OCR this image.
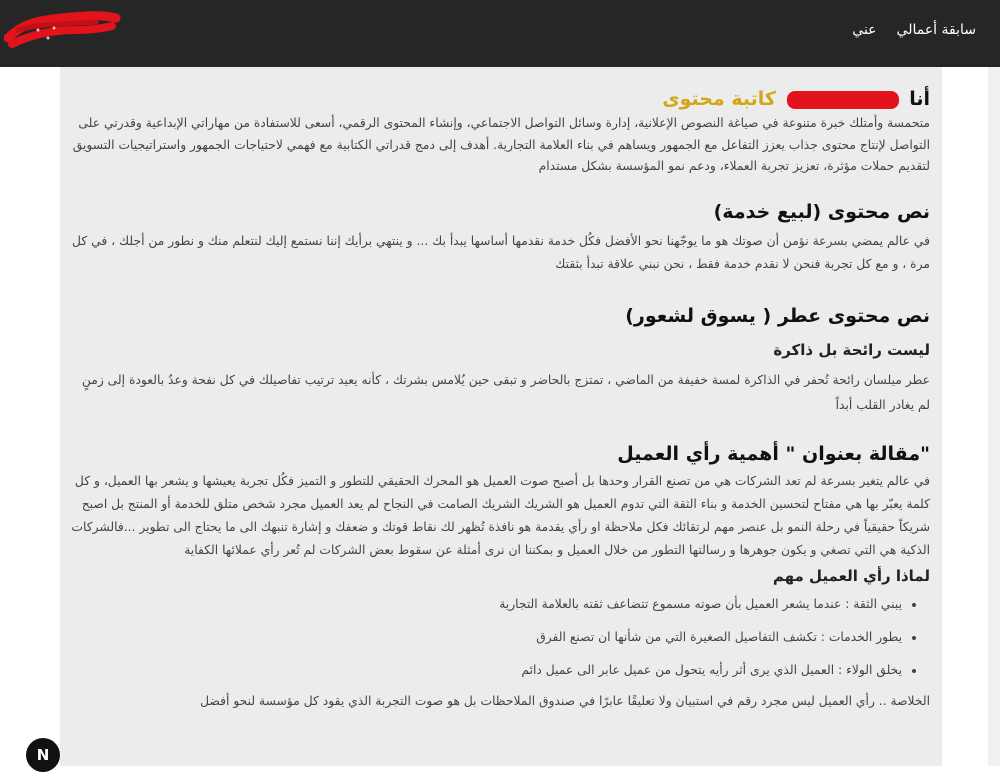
سابقة أعمالي
عني
أنا  كاتبة محتوى

متحمسة وأمتلك خبرة متنوعة في صياغة النصوص الإعلانية، إدارة وسائل التواصل الاجتماعي، وإنشاء المحتوى الرقمي، أسعى للاستفادة من مهاراتي الإبداعية وقدرتي على التواصل لإنتاج محتوى جذاب يعزز التفاعل مع الجمهور ويساهم في بناء العلامة التجارية. أهدف إلى دمج قدراتي الكتابية مع فهمي لاحتياجات الجمهور واستراتيجيات التسويق لتقديم حملات مؤثرة، تعزيز تجربة العملاء، ودعم نمو المؤسسة بشكل مستدام

نص محتوى (لبيع خدمة)

في عالم يمضي بسرعة نؤمن أن صوتك هو ما يوجّهنا نحو الأفضل فكُل خدمة نقدمها أساسها يبدأ بك ... و ينتهي برأيك إننا نستمع إليك لنتعلم منك و نطور من أجلك ، في كل مرة ، و مع كل تجربة فنحن لا نقدم خدمة فقط ، نحن نبني علاقة تبدأ بثقتك

نص محتوى عطر ( يسوق لشعور)
ليست رائحة بل ذاكرة

عطر ميلسان رائحة تُحفر في الذاكرة لمسة خفيفة من الماضي ، تمتزج بالحاضر و تبقى حين يُلامس بشرتك ، كأنه يعيد ترتيب تفاصيلك في كل نفحة وعدٌ بالعودة إلى زمنٍ لم يغادر القلب أبداً

"مقالة بعنوان " أهمية رأي العميل

في عالم يتغير بسرعة لم تعد الشركات هي من تصنع القرار وحدها بل أصبح صوت العميل هو المحرك الحقيقي للتطور و التميز فكُل تجربة يعيشها و يشعر بها العميل، و كل كلمة يعبّر بها هي مفتاح لتحسين الخدمة و بناء الثقة التي تدوم العميل هو الشريك الشريك الصامت في النجاح لم يعد العميل مجرد شخص متلق للخدمة أو المنتج بل اصبح شريكاً حقيقياً في رحلة النمو بل عنصر مهم لرتقائك فكل ملاحظة او رأي يقدمة هو نافذة تُظهر لك نقاط قوتك و ضعفك و إشارة تنبهك الى ما يحتاج الى تطوير ...فالشركات الذكية هي التي تصغي و يكون جوهرها و رسالتها التطور من خلال العميل و بمكننا ان نرى أمثلة عن سقوط بعض الشركات لم تُعر رأي عملائها الكفاية

لماذا رأي العميل مهم
• يبني الثقة : عندما يشعر العميل بأن صوته مسموع تتضاعف ثقته بالعلامة التجارية
• يطور الخدمات : تكشف التفاصيل الصغيرة التي من شأنها ان تصنع الفرق
• يخلق الولاء : العميل الذي يرى أثر رأيه يتحول من عميل عابر الى عميل دائم

الخلاصة .. رأي العميل ليس مجرد رقم في استبيان ولا تعليقًا عابرًا في صندوق الملاحظات بل هو صوت التجربة الذي يقود كل مؤسسة لنحو أفضل

N
